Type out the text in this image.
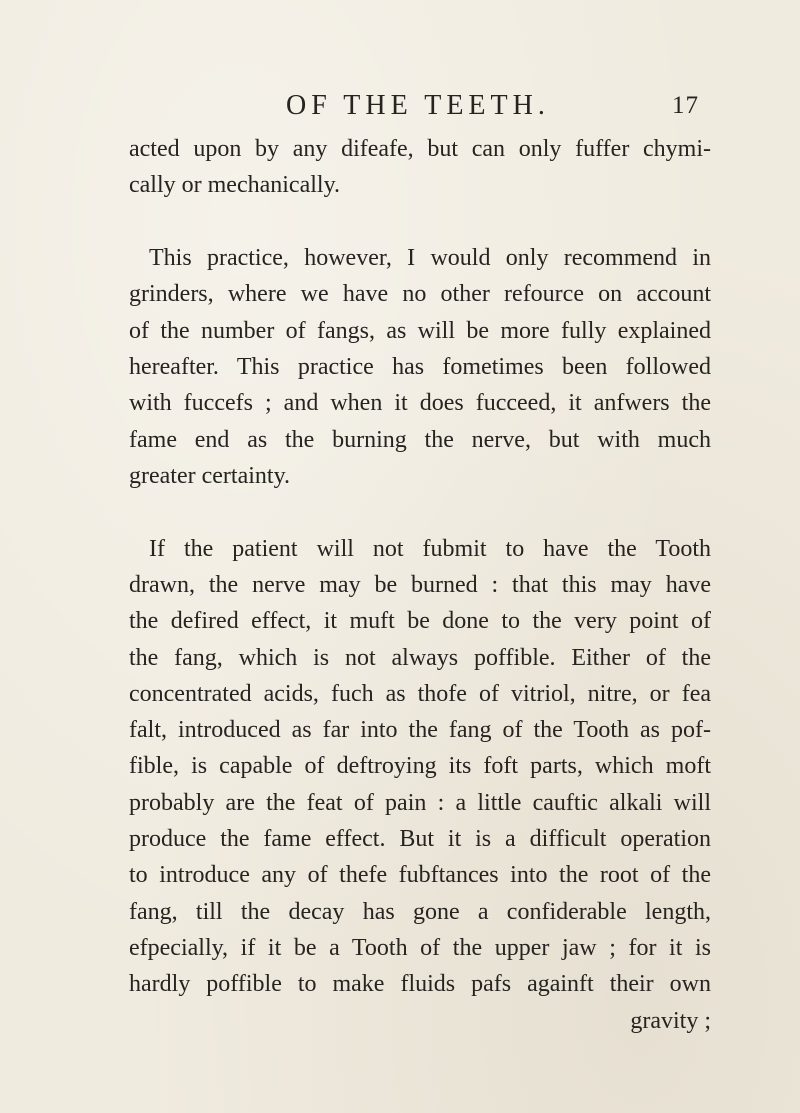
OF THE TEETH.	17
acted upon by any difeafe, but can only fuffer chymi-
cally or mechanically.
This practice, however, I would only recommend in
grinders, where we have no other refource on account
of the number of fangs, as will be more fully explained
hereafter. This practice has fometimes been followed
with fuccefs ; and when it does fucceed, it anfwers the
fame end as the burning the nerve, but with much
greater certainty.
If the patient will not fubmit to have the Tooth
drawn, the nerve may be burned : that this may have
the defired effect, it muft be done to the very point of
the fang, which is not always poffible. Either of the
concentrated acids, fuch as thofe of vitriol, nitre, or fea
falt, introduced as far into the fang of the Tooth as pof-
fible, is capable of deftroying its foft parts, which moft
probably are the feat of pain : a little cauftic alkali will
produce the fame effect. But it is a difficult operation
to introduce any of thefe fubftances into the root of the
fang, till the decay has gone a confiderable length,
efpecially, if it be a Tooth of the upper jaw ; for it is
hardly poffible to make fluids pafs againft their own
gravity ;
